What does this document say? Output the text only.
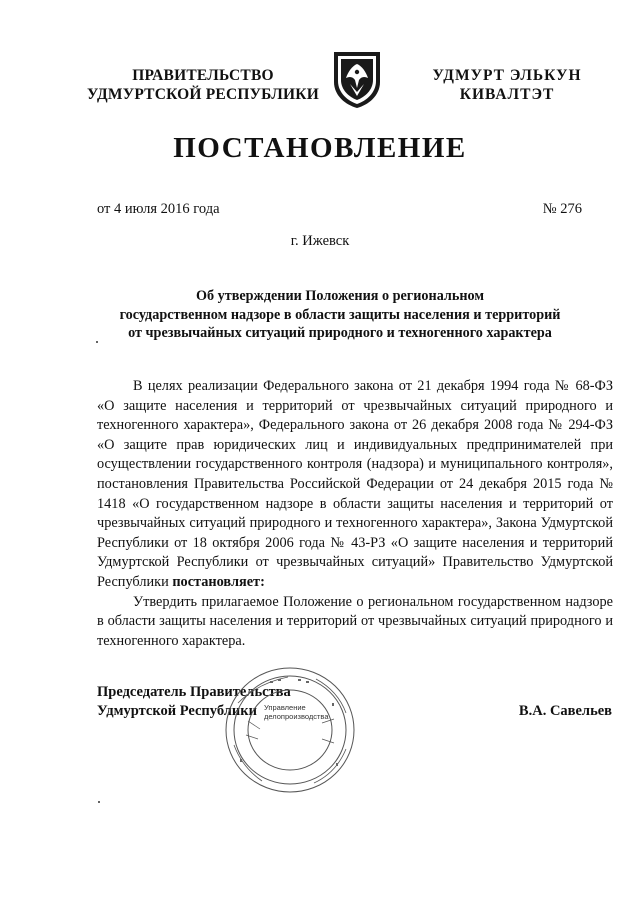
ПРАВИТЕЛЬСТВО
УДМУРТСКОЙ РЕСПУБЛИКИ
УДМУРТ ЭЛЬКУН
КИВАЛТЭТ
ПОСТАНОВЛЕНИЕ
от 4 июля 2016 года	№ 276
г. Ижевск
Об утверждении Положения о региональном
государственном надзоре в области защиты населения и территорий
от чрезвычайных ситуаций природного и техногенного характера

В целях реализации Федерального закона от 21 декабря 1994 года № 68-ФЗ «О защите населения и территорий от чрезвычайных ситуаций природного и техногенного характера», Федерального закона от 26 декабря 2008 года № 294-ФЗ «О защите прав юридических лиц и индивидуальных предпринимателей при осуществлении государственного контроля (надзора) и муниципального контроля», постановления Правительства Российской Федерации от 24 декабря 2015 года № 1418 «О государственном надзоре в области защиты населения и территорий от чрезвычайных ситуаций природного и техногенного характера», Закона Удмуртской Республики от 18 октября 2006 года № 43-РЗ «О защите населения и территорий Удмуртской Республики от чрезвычайных ситуаций» Правительство Удмуртской Республики постановляет:

Утвердить прилагаемое Положение о региональном государственном надзоре в области защиты населения и территорий от чрезвычайных ситуаций природного и техногенного характера.

Председатель Правительства
Удмуртской Республики	В.А. Савельев
Управление
делопроизводства
